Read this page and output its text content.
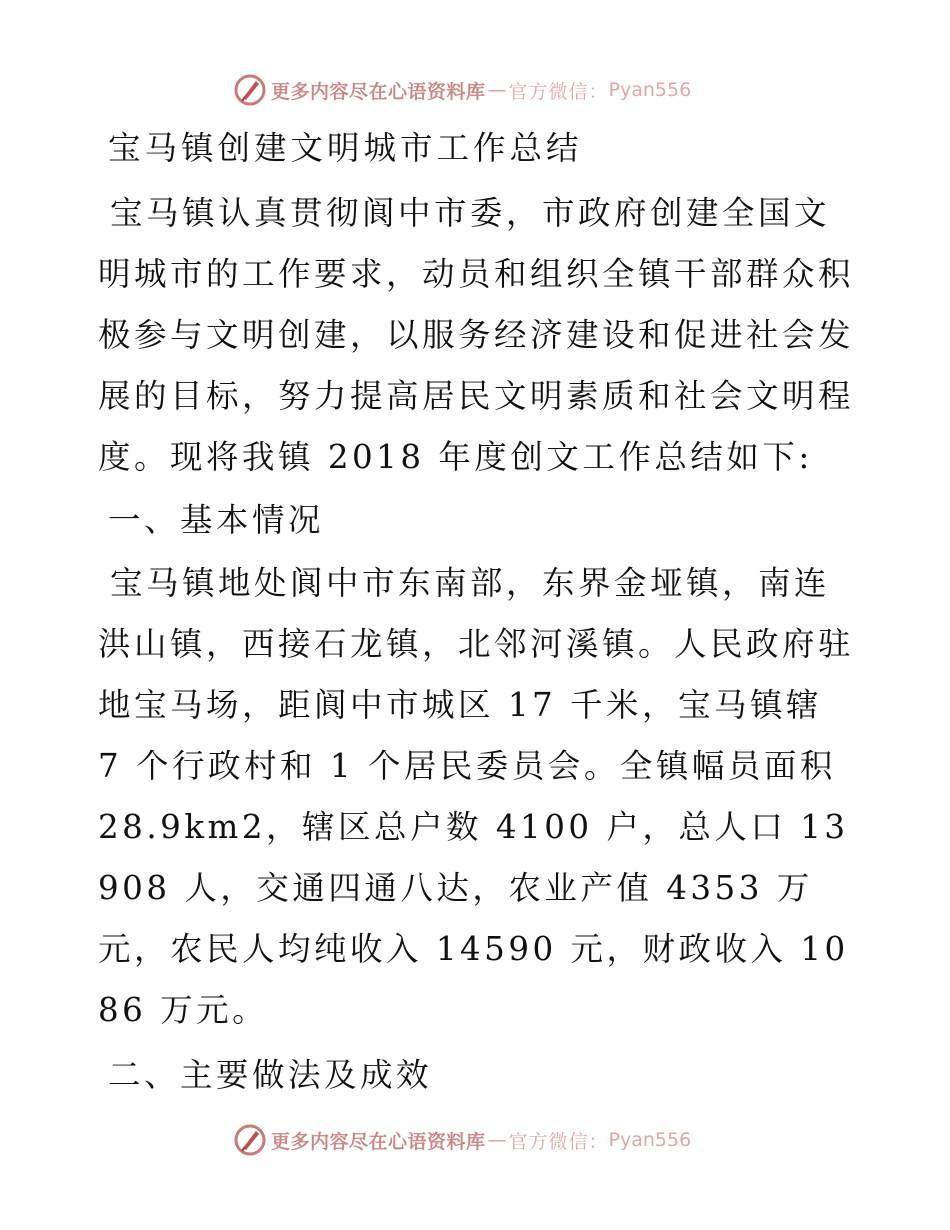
更多内容尽在心语资料库 — 官方微信： Pyan556

宝马镇创建文明城市工作总结

宝马镇认真贯彻阆中市委，市政府创建全国文明城市的工作要求，动员和组织全镇干部群众积极参与文明创建，以服务经济建设和促进社会发展的目标，努力提高居民文明素质和社会文明程度。现将我镇 2018 年度创文工作总结如下:

一、基本情况

宝马镇地处阆中市东南部，东界金垭镇，南连洪山镇，西接石龙镇，北邻河溪镇。人民政府驻地宝马场，距阆中市城区 17 千米，宝马镇辖 7 个行政村和 1 个居民委员会。全镇幅员面积 28.9km2，辖区总户数 4100 户，总人口 13908 人，交通四通八达，农业产值 4353 万元，农民人均纯收入 14590 元，财政收入 1086 万元。

二、主要做法及成效

更多内容尽在心语资料库 — 官方微信： Pyan556
